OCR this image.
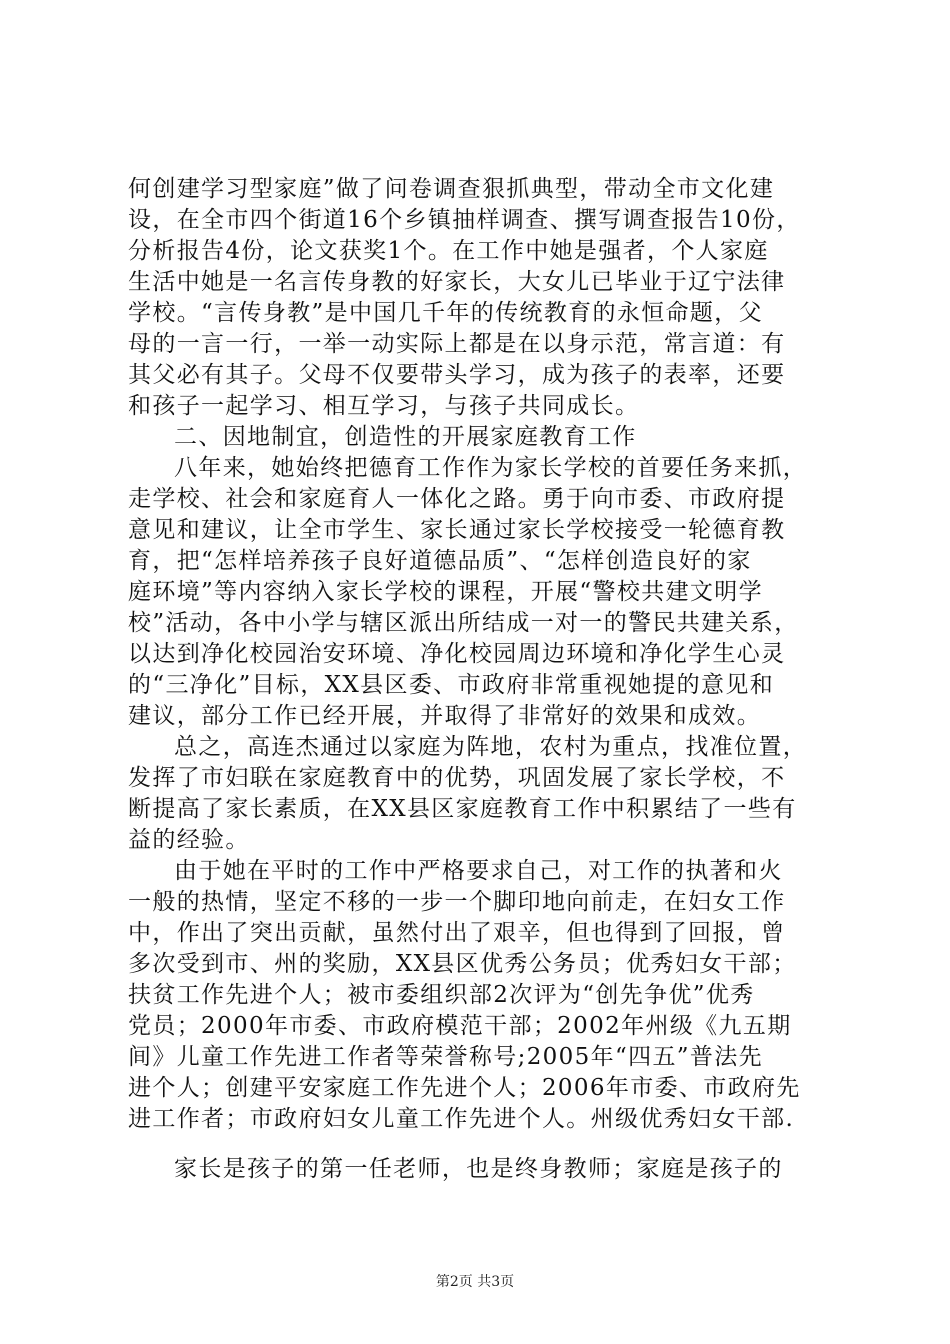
何创建学习型家庭”做了问卷调查狠抓典型，带动全市文化建
设，在全市四个街道16个乡镇抽样调查、撰写调查报告10份，
分析报告4份，论文获奖1个。在工作中她是强者，个人家庭
生活中她是一名言传身教的好家长，大女儿已毕业于辽宁法律
学校。“言传身教”是中国几千年的传统教育的永恒命题，父
母的一言一行，一举一动实际上都是在以身示范，常言道：有
其父必有其子。父母不仅要带头学习，成为孩子的表率，还要
和孩子一起学习、相互学习，与孩子共同成长。
二、因地制宜，创造性的开展家庭教育工作
八年来，她始终把德育工作作为家长学校的首要任务来抓，
走学校、社会和家庭育人一体化之路。勇于向市委、市政府提
意见和建议，让全市学生、家长通过家长学校接受一轮德育教
育，把“怎样培养孩子良好道德品质”、“怎样创造良好的家
庭环境”等内容纳入家长学校的课程，开展“警校共建文明学
校”活动，各中小学与辖区派出所结成一对一的警民共建关系，
以达到净化校园治安环境、净化校园周边环境和净化学生心灵
的“三净化”目标，XX县区委、市政府非常重视她提的意见和
建议，部分工作已经开展，并取得了非常好的效果和成效。
总之，高连杰通过以家庭为阵地，农村为重点，找准位置，
发挥了市妇联在家庭教育中的优势，巩固发展了家长学校，不
断提高了家长素质，在XX县区家庭教育工作中积累结了一些有
益的经验。
由于她在平时的工作中严格要求自己，对工作的执著和火
一般的热情，坚定不移的一步一个脚印地向前走，在妇女工作
中，作出了突出贡献，虽然付出了艰辛，但也得到了回报，曾
多次受到市、州的奖励，XX县区优秀公务员；优秀妇女干部；
扶贫工作先进个人；被市委组织部2次评为“创先争优”优秀
党员；2000年市委、市政府模范干部；2002年州级《九五期
间》儿童工作先进工作者等荣誉称号;2005年“四五”普法先
进个人；创建平安家庭工作先进个人；2006年市委、市政府先
进工作者；市政府妇女儿童工作先进个人。州级优秀妇女干部.
家长是孩子的第一任老师，也是终身教师；家庭是孩子的
第2页 共3页
